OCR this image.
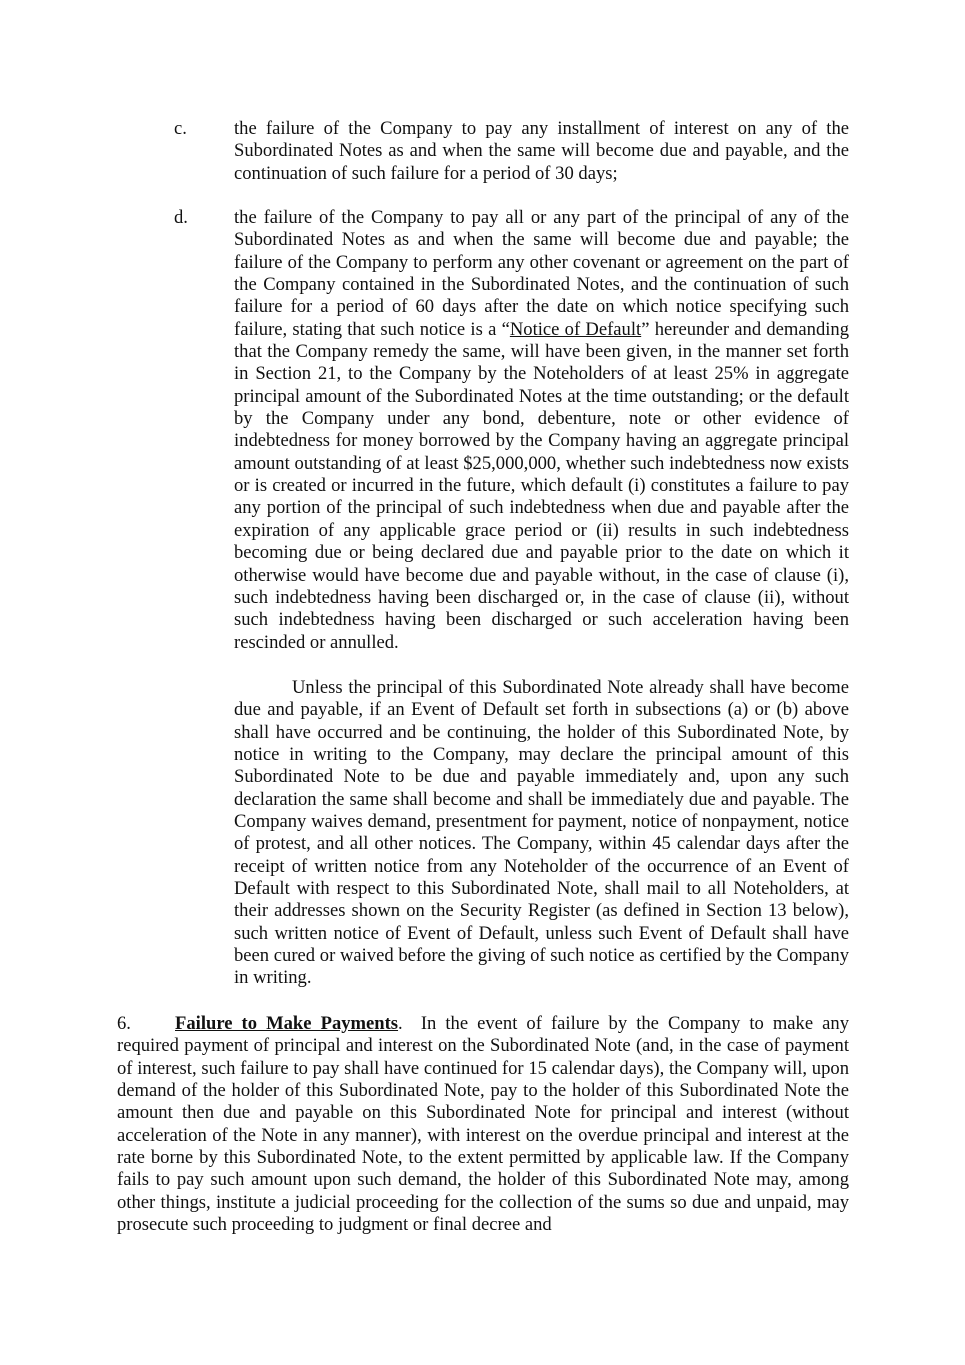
c.	the failure of the Company to pay any installment of interest on any of the Subordinated Notes as and when the same will become due and payable, and the continuation of such failure for a period of 30 days;
d. the failure of the Company to pay all or any part of the principal of any of the Subordinated Notes as and when the same will become due and payable; the failure of the Company to perform any other covenant or agreement on the part of the Company contained in the Subordinated Notes, and the continuation of such failure for a period of 60 days after the date on which notice specifying such failure, stating that such notice is a “Notice of Default” hereunder and demanding that the Company remedy the same, will have been given, in the manner set forth in Section 21, to the Company by the Noteholders of at least 25% in aggregate principal amount of the Subordinated Notes at the time outstanding; or the default by the Company under any bond, debenture, note or other evidence of indebtedness for money borrowed by the Company having an aggregate principal amount outstanding of at least $25,000,000, whether such indebtedness now exists or is created or incurred in the future, which default (i) constitutes a failure to pay any portion of the principal of such indebtedness when due and payable after the expiration of any applicable grace period or (ii) results in such indebtedness becoming due or being declared due and payable prior to the date on which it otherwise would have become due and payable without, in the case of clause (i), such indebtedness having been discharged or, in the case of clause (ii), without such indebtedness having been discharged or such acceleration having been rescinded or annulled.
Unless the principal of this Subordinated Note already shall have become due and payable, if an Event of Default set forth in subsections (a) or (b) above shall have occurred and be continuing, the holder of this Subordinated Note, by notice in writing to the Company, may declare the principal amount of this Subordinated Note to be due and payable immediately and, upon any such declaration the same shall become and shall be immediately due and payable. The Company waives demand, presentment for payment, notice of nonpayment, notice of protest, and all other notices. The Company, within 45 calendar days after the receipt of written notice from any Noteholder of the occurrence of an Event of Default with respect to this Subordinated Note, shall mail to all Noteholders, at their addresses shown on the Security Register (as defined in Section 13 below), such written notice of Event of Default, unless such Event of Default shall have been cured or waived before the giving of such notice as certified by the Company in writing.
6. Failure to Make Payments. In the event of failure by the Company to make any required payment of principal and interest on the Subordinated Note (and, in the case of payment of interest, such failure to pay shall have continued for 15 calendar days), the Company will, upon demand of the holder of this Subordinated Note, pay to the holder of this Subordinated Note the amount then due and payable on this Subordinated Note for principal and interest (without acceleration of the Note in any manner), with interest on the overdue principal and interest at the rate borne by this Subordinated Note, to the extent permitted by applicable law. If the Company fails to pay such amount upon such demand, the holder of this Subordinated Note may, among other things, institute a judicial proceeding for the collection of the sums so due and unpaid, may prosecute such proceeding to judgment or final decree and
